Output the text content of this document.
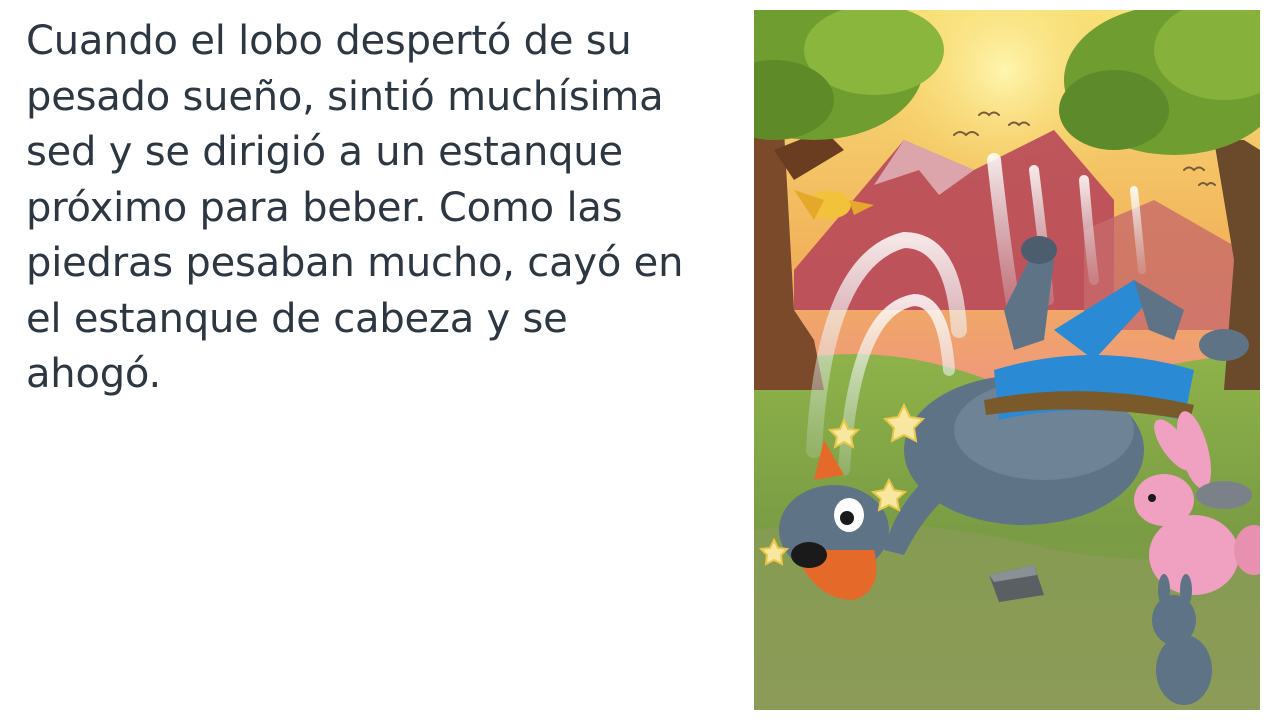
Cuando el lobo despertó de su
pesado sueño, sintió muchísima
sed y se dirigió a un estanque
próximo para beber. Como las
piedras pesaban mucho, cayó en
el estanque de cabeza y se
ahogó.
